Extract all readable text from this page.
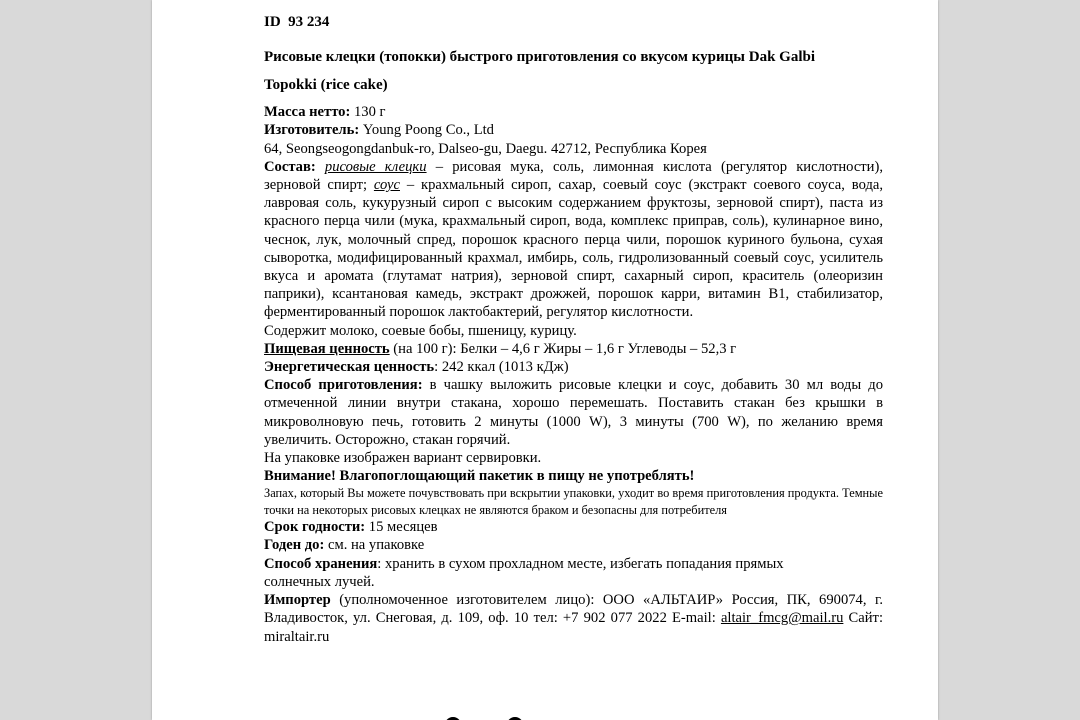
ID 93 234
Рисовые клецки (топокки) быстрого приготовления со вкусом курицы Dak Galbi
Topokki (rice cake)
Масса нетто: 130 г
Изготовитель: Young Poong Co., Ltd
64, Seongseogongdanbuk-ro, Dalseo-gu, Daegu. 42712, Республика Корея
Состав: рисовые клецки – рисовая мука, соль, лимонная кислота (регулятор кислотности), зерновой спирт; соус – крахмальный сироп, сахар, соевый соус (экстракт соевого соуса, вода, лавровая соль, кукурузный сироп с высоким содержанием фруктозы, зерновой спирт), паста из красного перца чили (мука, крахмальный сироп, вода, комплекс приправ, соль), кулинарное вино, чеснок, лук, молочный спред, порошок красного перца чили, порошок куриного бульона, сухая сыворотка, модифицированный крахмал, имбирь, соль, гидролизованный соевый соус, усилитель вкуса и аромата (глутамат натрия), зерновой спирт, сахарный сироп, краситель (олеоризин паприки), ксантановая камедь, экстракт дрожжей, порошок карри, витамин B1, стабилизатор, ферментированный порошок лактобактерий, регулятор кислотности.
Содержит молоко, соевые бобы, пшеницу, курицу.
Пищевая ценность (на 100 г): Белки – 4,6 г Жиры – 1,6 г Углеводы – 52,3 г
Энергетическая ценность: 242 ккал (1013 кДж)
Способ приготовления: в чашку выложить рисовые клецки и соус, добавить 30 мл воды до отмеченной линии внутри стакана, хорошо перемешать. Поставить стакан без крышки в микроволновую печь, готовить 2 минуты (1000 W), 3 минуты (700 W), по желанию время увеличить. Осторожно, стакан горячий.
На упаковке изображен вариант сервировки.
Внимание! Влагопоглощающий пакетик в пищу не употреблять!
Запах, который Вы можете почувствовать при вскрытии упаковки, уходит во время приготовления продукта. Темные точки на некоторых рисовых клецках не являются браком и безопасны для потребителя
Срок годности: 15 месяцев
Годен до: см. на упаковке
Способ хранения: хранить в сухом прохладном месте, избегать попадания прямых солнечных лучей.
Импортер (уполномоченное изготовителем лицо): ООО «АЛЬТАИР» Россия, ПК, 690074, г. Владивосток, ул. Снеговая, д. 109, оф. 10 тел: +7 902 077 2022 E-mail: altair_fmcg@mail.ru Сайт: miraltair.ru
